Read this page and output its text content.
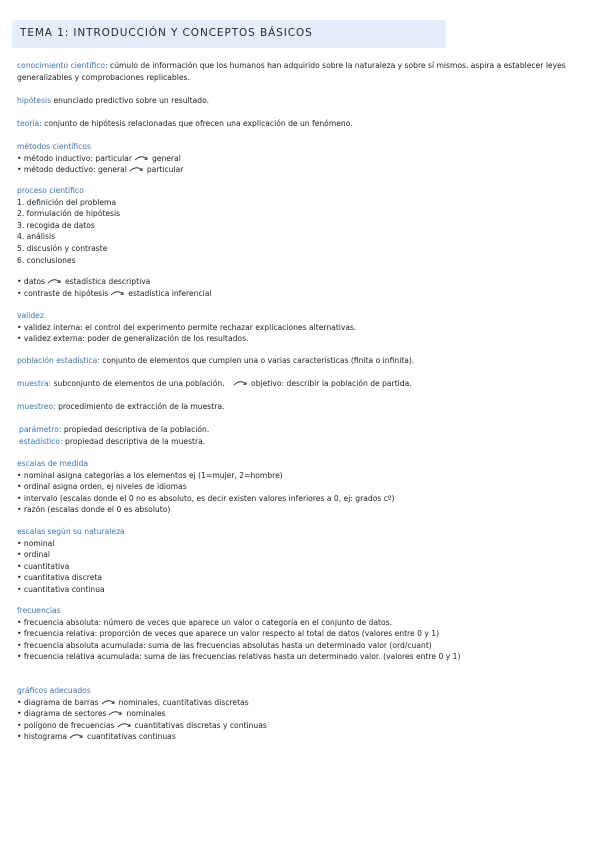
TEMA 1: INTRODUCCIÓN Y CONCEPTOS BÁSICOS
conocimiento científico: cúmulo de información que los humanos han adquirido sobre la naturaleza y sobre sí mismos. aspira a establecer leyes generalizables y comprobaciones replicables.
hipótesis enunciado predictivo sobre un resultado.
teoría: conjunto de hipótesis relacionadas que ofrecen una explicación de un fenómeno.
métodos científicos
• método inductivo: particular	general
• método deductivo: general	particular
proceso científico
1. definición del problema
2. formulación de hipótesis
3. recogida de datos
4. análisis
5. discusión y contraste
6. conclusiones
• datos	estadística descriptiva
• contraste de hipótesis	estadística inferencial
validez
• validez interna: el control del experimento permite rechazar explicaciones alternativas.
• validez externa: poder de generalización de los resultados.
población estadística: conjunto de elementos que cumplen una o varias características (finita o infinita).
muestra: subconjunto de elementos de una población.	objetivo: describir la población de partida.
muestreo: procedimiento de extracción de la muestra.
parámetro: propiedad descriptiva de la población.
estadístico: propiedad descriptiva de la muestra.
escalas de medida
• nominal asigna categorías a los elementos ej (1=mujer, 2=hombre)
• ordinal asigna orden, ej niveles de idiomas
• intervalo (escalas donde el 0 no es absoluto, es decir existen valores inferiores a 0, ej: grados cº)
• razón (escalas donde el 0 es absoluto)
escalas según su naturaleza
• nominal
• ordinal
• cuantitativa
• cuantitativa discreta
• cuantitativa continua
frecuencias
• frecuencia absoluta: número de veces que aparece un valor o categoría en el conjunto de datos.
• frecuencia relativa: proporción de veces que aparece un valor respecto al total de datos (valores entre 0 y 1)
• frecuencia absoluta acumulada: suma de las frecuencias absolutas hasta un determinado valor (ord/cuant)
• frecuencia relativa acumulada: suma de las frecuencias relativas hasta un determinado valor. (valores entre 0 y 1)
gráficos adecuados
• diagrama de barras	nominales, cuantitativas discretas
• diagrama de sectores	nominales
• polígono de frecuencias	cuantitativas discretas y continuas
• histograma	cuantitativas continuas
